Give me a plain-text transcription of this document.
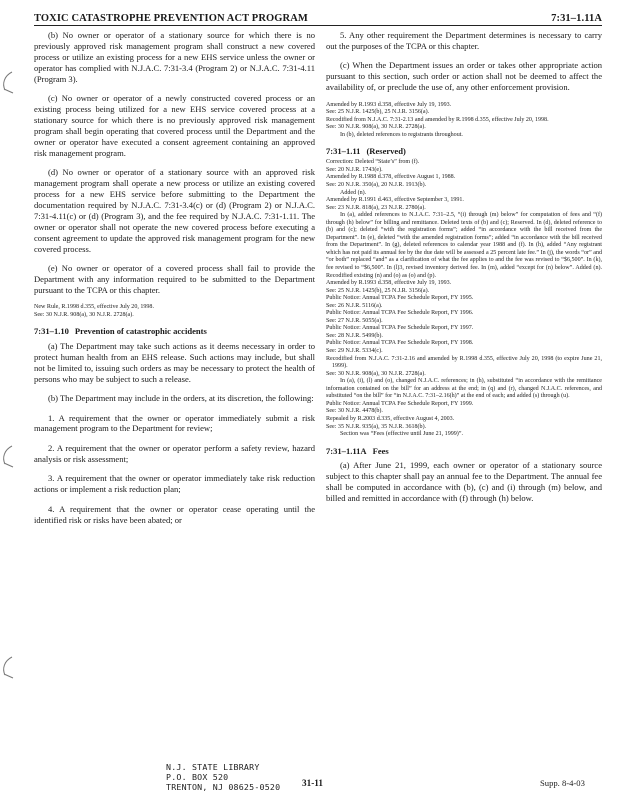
TOXIC CATASTROPHE PREVENTION ACT PROGRAM	7:31–1.11A

(b) No owner or operator of a stationary source for which there is no previously approved risk management program shall construct a new covered process or utilize an existing process for a new EHS service unless the owner or operator has complied with N.J.A.C. 7:31-3.4 (Program 2) or N.J.A.C. 7:31-4.11 (Program 3).

(c) No owner or operator of a newly constructed covered process or an existing process being utilized for a new EHS service covered process at a stationary source for which there is no previously approved risk management program shall begin operating that covered process until the Department and the owner or operator have executed a consent agreement containing an approved risk management program.

(d) No owner or operator of a stationary source with an approved risk management program shall operate a new process or utilize an existing covered process for a new EHS service before submitting to the Department the documentation required by N.J.A.C. 7:31-3.4(c) or (d) (Program 2) or N.J.A.C. 7:31-4.11(c) or (d) (Program 3), and the fee required by N.J.A.C. 7:31-1.11. The owner or operator shall not operate the new covered process before executing a consent agreement to update the approved risk management program for the new covered process.

(e) No owner or operator of a covered process shall fail to provide the Department with any information required to be submitted to the Department pursuant to the TCPA or this chapter.

New Rule, R.1998 d.355, effective July 20, 1998.

See: 30 N.J.R. 908(a), 30 N.J.R. 2728(a).

7:31–1.10 Prevention of catastrophic accidents

(a) The Department may take such actions as it deems necessary in order to protect human health from an EHS release. Such actions may include, but shall not be limited to, issuing such orders as may be necessary to protect the health of persons who may be subject to such a release.

(b) The Department may include in the orders, at its discretion, the following:

1. A requirement that the owner or operator immediately submit a risk management program to the Department for review;

2. A requirement that the owner or operator perform a safety review, hazard analysis or risk assessment;

3. A requirement that the owner or operator immediately take risk reduction actions or implement a risk reduction plan;

4. A requirement that the owner or operator cease operating until the identified risk or risks have been abated; or

5. Any other requirement the Department determines is necessary to carry out the purposes of the TCPA or this chapter.

(c) When the Department issues an order or takes other appropriate action pursuant to this section, such order or action shall not be deemed to affect the availability of, or preclude the use of, any other enforcement provision.

Amended by R.1993 d.358, effective July 19, 1993.

See: 25 N.J.R. 1425(b), 25 N.J.R. 3156(a).

Recodified from N.J.A.C. 7:31-2.13 and amended by R.1998 d.355, effective July 20, 1998.

See: 30 N.J.R. 908(a), 30 N.J.R. 2728(a).

In (b), deleted references to registrants throughout.

7:31–1.11 (Reserved)

Correction: Deleted “State’s” from (f).

See: 20 N.J.R. 1743(e).

Amended by R.1988 d.378, effective August 1, 1988.

See: 20 N.J.R. 350(a), 20 N.J.R. 1913(b).

Added (n).

Amended by R.1991 d.463, effective September 3, 1991.

See: 23 N.J.R. 818(a), 23 N.J.R. 2780(a).

In (a), added references to N.J.A.C. 7:31–2.5, “(i) through (m) below” for computation of fees and “(f) through (h) below” for billing and remittance. Deleted texts of (b) and (c); Reserved. In (d), deleted reference to (b) and (c); deleted “with the registration forms”; added “in accordance with the bill received from the Department”. In (e), deleted “with the amended registration forms”; added “in accordance with the bill received from the Department”. In (g), deleted references to calendar year 1988 and (f). In (h), added “Any registrant which has not paid its annual fee by the due date will be assessed a 25 percent late fee.” In (j), the words “or” and “or both” replaced “and” as a clarification of what the fee applies to and the fee was revised to “$6,500”. In (k), fee revised to “$6,500”. In (l)3, revised inventory derived fee. In (m), added “except for (n) below”. Added (n). Recodified existing (n) and (o) as (o) and (p).

Amended by R.1993 d.358, effective July 19, 1993.

See: 25 N.J.R. 1425(b), 25 N.J.R. 3156(a).

Public Notice: Annual TCPA Fee Schedule Report, FY 1995.

See: 26 N.J.R. 5116(a).

Public Notice: Annual TCPA Fee Schedule Report, FY 1996.

See: 27 N.J.R. 5055(a).

Public Notice: Annual TCPA Fee Schedule Report, FY 1997.

See: 28 N.J.R. 5499(b).

Public Notice: Annual TCPA Fee Schedule Report, FY 1998.

See: 29 N.J.R. 5334(c).

Recodified from N.J.A.C. 7:31-2.16 and amended by R.1998 d.355, effective July 20, 1998 (to expire June 21, 1999).

See: 30 N.J.R. 908(a), 30 N.J.R. 2728(a).

In (a), (i), (l) and (o), changed N.J.A.C. references; in (h), substituted “in accordance with the remittance information contained on the bill” for an address at the end; in (q) and (r), changed N.J.A.C. references, and substituted “on the bill” for “in N.J.A.C. 7:31–2.16(h)” at the end of each; and added (s) through (u).

Public Notice: Annual TCPA Fee Schedule Report, FY 1999.

See: 30 N.J.R. 4478(b).

Repealed by R.2003 d.335, effective August 4, 2003.

See: 35 N.J.R. 935(a), 35 N.J.R. 3618(b).

Section was “Fees (effective until June 21, 1999)”.

7:31–1.11A Fees

(a) After June 21, 1999, each owner or operator of a stationary source subject to this chapter shall pay an annual fee to the Department. The annual fee shall be computed in accordance with (b), (c) and (i) through (m) below, and billed and remitted in accordance with (f) through (h) below.

N.J. STATE LIBRARY
P.O. BOX 520
TRENTON, NJ 08625-0520	31-11	Supp. 8-4-03
